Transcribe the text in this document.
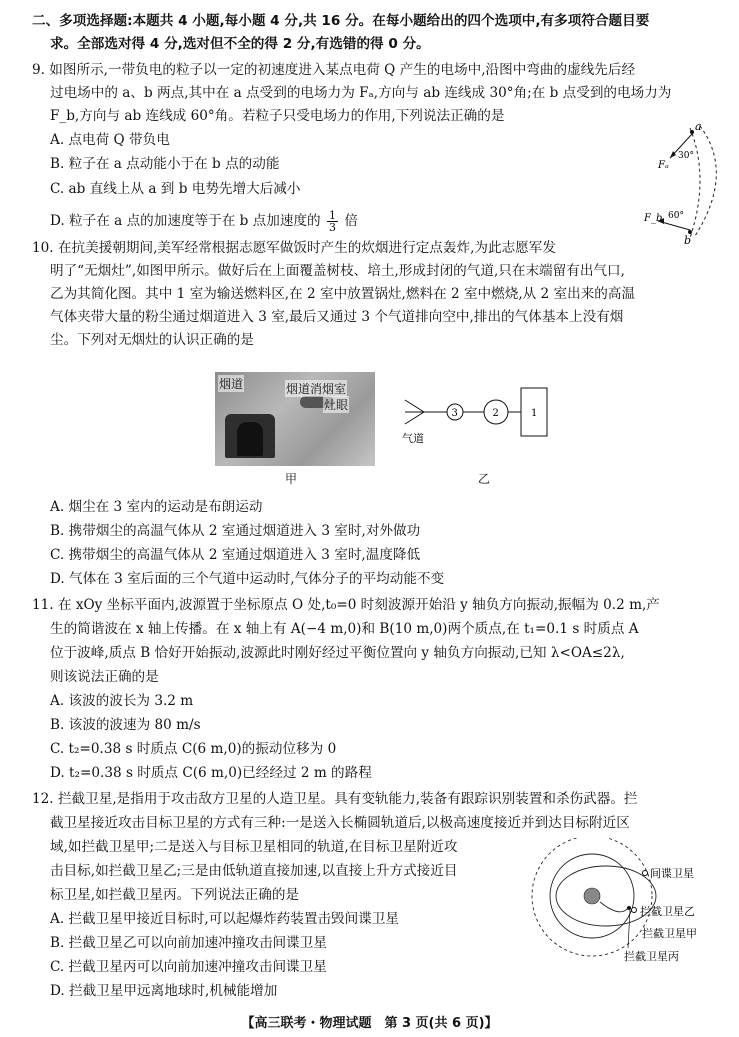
二、多项选择题:本题共 4 小题,每小题 4 分,共 16 分。在每小题给出的四个选项中,有多项符合题目要
求。全部选对得 4 分,选对但不全的得 2 分,有选错的得 0 分。
9. 如图所示,一带负电的粒子以一定的初速度进入某点电荷 Q 产生的电场中,沿图中弯曲的虚线先后经
过电场中的 a、b 两点,其中在 a 点受到的电场力为 Fₐ,方向与 ab 连线成 30°角;在 b 点受到的电场力为
F_b,方向与 ab 连线成 60°角。若粒子只受电场力的作用,下列说法正确的是
A. 点电荷 Q 带负电
B. 粒子在 a 点动能小于在 b 点的动能
C. ab 直线上从 a 到 b 电势先增大后减小
D. 粒子在 a 点的加速度等于在 b 点加速度的 $\frac{1}{3}$ 倍
a
b
Fₐ
F_b
30°
60°
10. 在抗美援朝期间,美军经常根据志愿军做饭时产生的炊烟进行定点轰炸,为此志愿军发
明了“无烟灶”,如图甲所示。做好后在上面覆盖树枝、培土,形成封闭的气道,只在末端留有出气口,
乙为其简化图。其中 1 室为输送燃料区,在 2 室中放置锅灶,燃料在 2 室中燃烧,从 2 室出来的高温
气体夹带大量的粉尘通过烟道进入 3 室,最后又通过 3 个气道排向空中,排出的气体基本上没有烟
尘。下列对无烟灶的认识正确的是
烟道	烟道消烟室
灶眼
甲
3	2	1
气道
乙
A. 烟尘在 3 室内的运动是布朗运动
B. 携带烟尘的高温气体从 2 室通过烟道进入 3 室时,对外做功
C. 携带烟尘的高温气体从 2 室通过烟道进入 3 室时,温度降低
D. 气体在 3 室后面的三个气道中运动时,气体分子的平均动能不变
11. 在 xOy 坐标平面内,波源置于坐标原点 O 处,t₀=0 时刻波源开始沿 y 轴负方向振动,振幅为 0.2 m,产
生的简谐波在 x 轴上传播。在 x 轴上有 A(−4 m,0)和 B(10 m,0)两个质点,在 t₁=0.1 s 时质点 A
位于波峰,质点 B 恰好开始振动,波源此时刚好经过平衡位置向 y 轴负方向振动,已知 λ<OA≤2λ,
则该说法正确的是
A. 该波的波长为 3.2 m
B. 该波的波速为 80 m/s
C. t₂=0.38 s 时质点 C(6 m,0)的振动位移为 0
D. t₂=0.38 s 时质点 C(6 m,0)已经经过 2 m 的路程
12. 拦截卫星,是指用于攻击敌方卫星的人造卫星。具有变轨能力,装备有跟踪识别装置和杀伤武器。拦
截卫星接近攻击目标卫星的方式有三种:一是送入长椭圆轨道后,以极高速度接近并到达目标附近区
域,如拦截卫星甲;二是送入与目标卫星相同的轨道,在目标卫星附近攻
击目标,如拦截卫星乙;三是由低轨道直接加速,以直接上升方式接近目
标卫星,如拦截卫星丙。下列说法正确的是
A. 拦截卫星甲接近目标时,可以起爆炸药装置击毁间谍卫星
B. 拦截卫星乙可以向前加速冲撞攻击间谍卫星
C. 拦截卫星丙可以向前加速冲撞攻击间谍卫星
D. 拦截卫星甲远离地球时,机械能增加
间谍卫星
拦截卫星乙
拦截卫星甲
拦截卫星丙
【高三联考・物理试题　第 3 页(共 6 页)】
